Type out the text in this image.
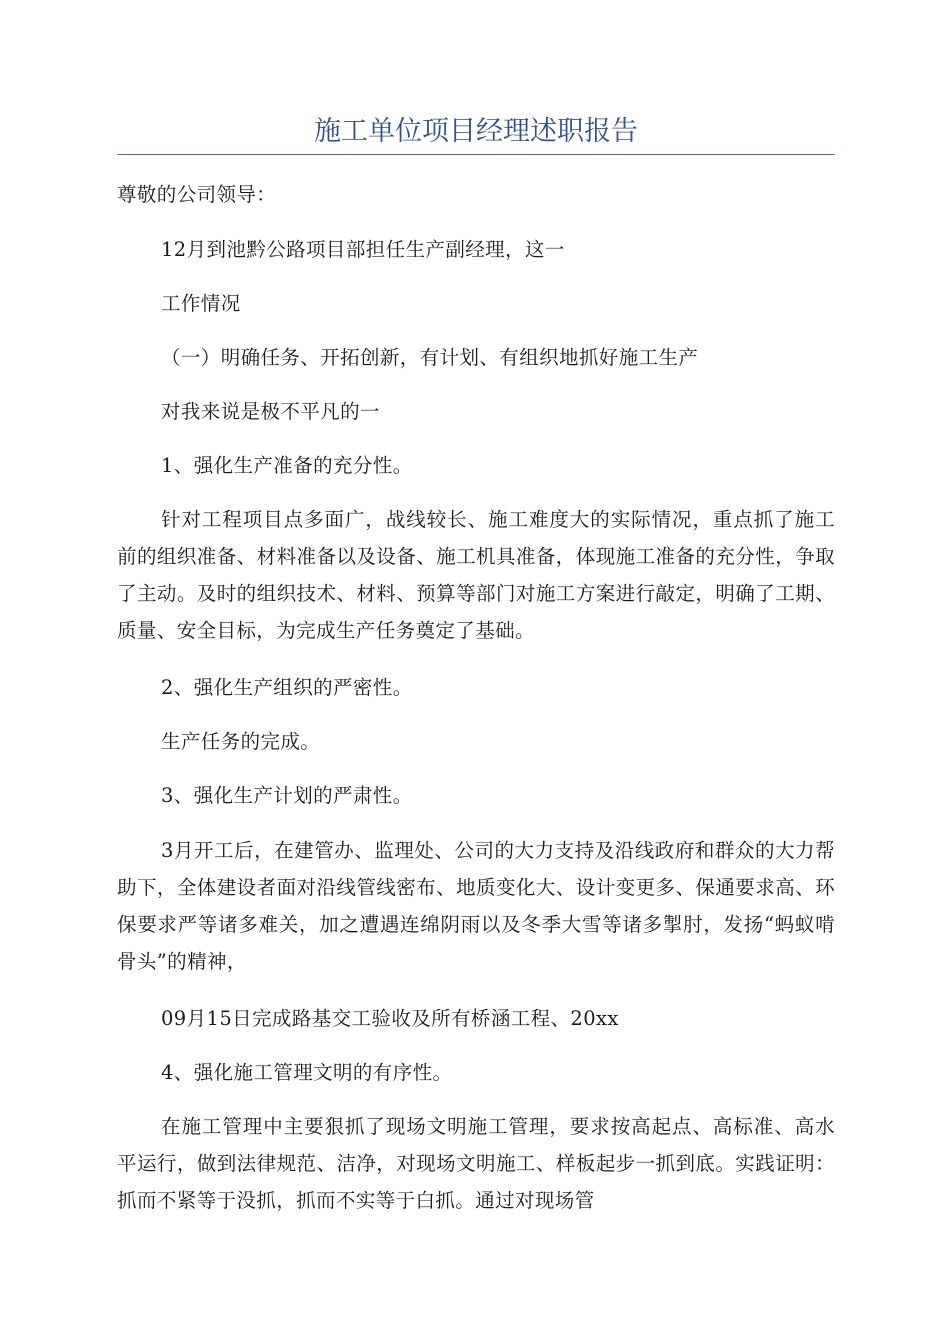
施工单位项目经理述职报告

尊敬的公司领导：

12月到池黔公路项目部担任生产副经理，这一

工作情况

（一）明确任务、开拓创新，有计划、有组织地抓好施工生产

对我来说是极不平凡的一

1、强化生产准备的充分性。

针对工程项目点多面广，战线较长、施工难度大的实际情况，重点抓了施工前的组织准备、材料准备以及设备、施工机具准备，体现施工准备的充分性，争取了主动。及时的组织技术、材料、预算等部门对施工方案进行敲定，明确了工期、质量、安全目标，为完成生产任务奠定了基础。

2、强化生产组织的严密性。

生产任务的完成。

3、强化生产计划的严肃性。

3月开工后，在建管办、监理处、公司的大力支持及沿线政府和群众的大力帮助下，全体建设者面对沿线管线密布、地质变化大、设计变更多、保通要求高、环保要求严等诸多难关，加之遭遇连绵阴雨以及冬季大雪等诸多掣肘，发扬“蚂蚁啃骨头”的精神，

09月15日完成路基交工验收及所有桥涵工程、20xx

4、强化施工管理文明的有序性。

在施工管理中主要狠抓了现场文明施工管理，要求按高起点、高标准、高水平运行，做到法律规范、洁净，对现场文明施工、样板起步一抓到底。实践证明：抓而不紧等于没抓，抓而不实等于白抓。通过对现场管
